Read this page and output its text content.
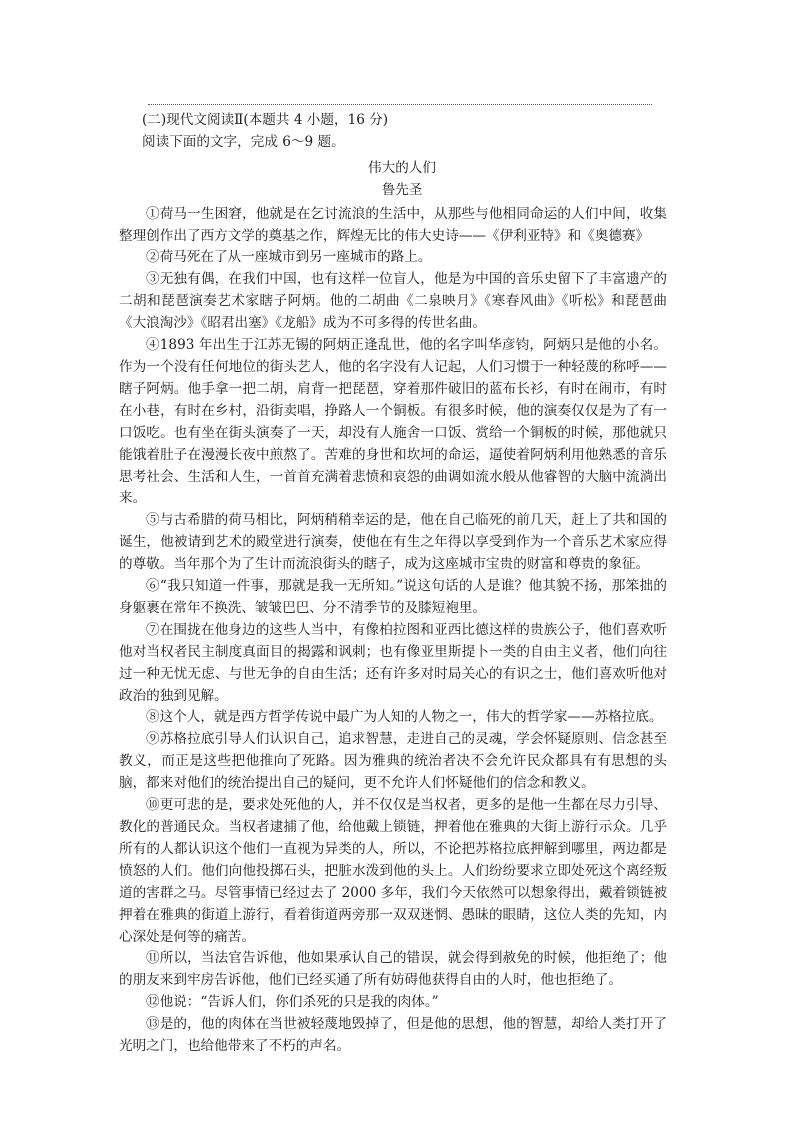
(二)现代文阅读Ⅱ(本题共 4 小题，16 分)
阅读下面的文字，完成 6～9 题。
伟大的人们
鲁先圣

①荷马一生困窘，他就是在乞讨流浪的生活中，从那些与他相同命运的人们中间，收集整理创作出了西方文学的奠基之作，辉煌无比的伟大史诗——《伊利亚特》和《奥德赛》

②荷马死在了从一座城市到另一座城市的路上。

③无独有偶，在我们中国，也有这样一位盲人，他是为中国的音乐史留下了丰富遗产的二胡和琵琶演奏艺术家瞎子阿炳。他的二胡曲《二泉映月》《寒春风曲》《听松》和琵琶曲《大浪淘沙》《昭君出塞》《龙船》成为不可多得的传世名曲。

④1893 年出生于江苏无锡的阿炳正逢乱世，他的名字叫华彦钧，阿炳只是他的小名。作为一个没有任何地位的街头艺人，他的名字没有人记起，人们习惯于一种轻蔑的称呼——瞎子阿炳。他手拿一把二胡，肩背一把琵琶，穿着那件破旧的蓝布长衫，有时在闹市，有时在小巷，有时在乡村，沿街卖唱，挣路人一个铜板。有很多时候，他的演奏仅仅是为了有一口饭吃。也有坐在街头演奏了一天，却没有人施舍一口饭、赏给一个铜板的时候，那他就只能饿着肚子在漫漫长夜中煎熬了。苦难的身世和坎坷的命运，逼使着阿炳利用他熟悉的音乐思考社会、生活和人生，一首首充满着悲愤和哀怨的曲调如流水般从他睿智的大脑中流淌出来。

⑤与古希腊的荷马相比，阿炳稍稍幸运的是，他在自己临死的前几天，赶上了共和国的诞生，他被请到艺术的殿堂进行演奏，使他在有生之年得以享受到作为一个音乐艺术家应得的尊敬。当年那个为了生计而流浪街头的瞎子，成为这座城市宝贵的财富和尊贵的象征。

⑥“我只知道一件事，那就是我一无所知。”说这句话的人是谁？他其貌不扬，那笨拙的身躯裹在常年不换洗、皱皱巴巴、分不清季节的及膝短袍里。

⑦在围拢在他身边的这些人当中，有像柏拉图和亚西比德这样的贵族公子，他们喜欢听他对当权者民主制度真面目的揭露和讽刺；也有像亚里斯提卜一类的自由主义者，他们向往过一种无忧无虑、与世无争的自由生活；还有许多对时局关心的有识之士，他们喜欢听他对政治的独到见解。

⑧这个人，就是西方哲学传说中最广为人知的人物之一，伟大的哲学家——苏格拉底。

⑨苏格拉底引导人们认识自己，追求智慧，走进自己的灵魂，学会怀疑原则、信念甚至教义，而正是这些把他推向了死路。因为雅典的统治者决不会允许民众都具有有思想的头脑，都来对他们的统治提出自己的疑问，更不允许人们怀疑他们的信念和教义。

⑩更可悲的是，要求处死他的人，并不仅仅是当权者，更多的是他一生都在尽力引导、教化的普通民众。当权者逮捕了他，给他戴上锁链，押着他在雅典的大街上游行示众。几乎所有的人都认识这个他们一直视为异类的人，所以，不论把苏格拉底押解到哪里，两边都是愤怒的人们。他们向他投掷石头，把脏水泼到他的头上。人们纷纷要求立即处死这个离经叛道的害群之马。尽管事情已经过去了 2000 多年，我们今天依然可以想象得出，戴着锁链被押着在雅典的街道上游行，看着街道两旁那一双双迷惘、愚昧的眼睛，这位人类的先知，内心深处是何等的痛苦。

⑪所以，当法官告诉他，他如果承认自己的错误，就会得到赦免的时候，他拒绝了；他的朋友来到牢房告诉他，他们已经买通了所有妨碍他获得自由的人时，他也拒绝了。

⑫他说：“告诉人们，你们杀死的只是我的肉体。”

⑬是的，他的肉体在当世被轻蔑地毁掉了，但是他的思想，他的智慧，却给人类打开了光明之门，也给他带来了不朽的声名。
